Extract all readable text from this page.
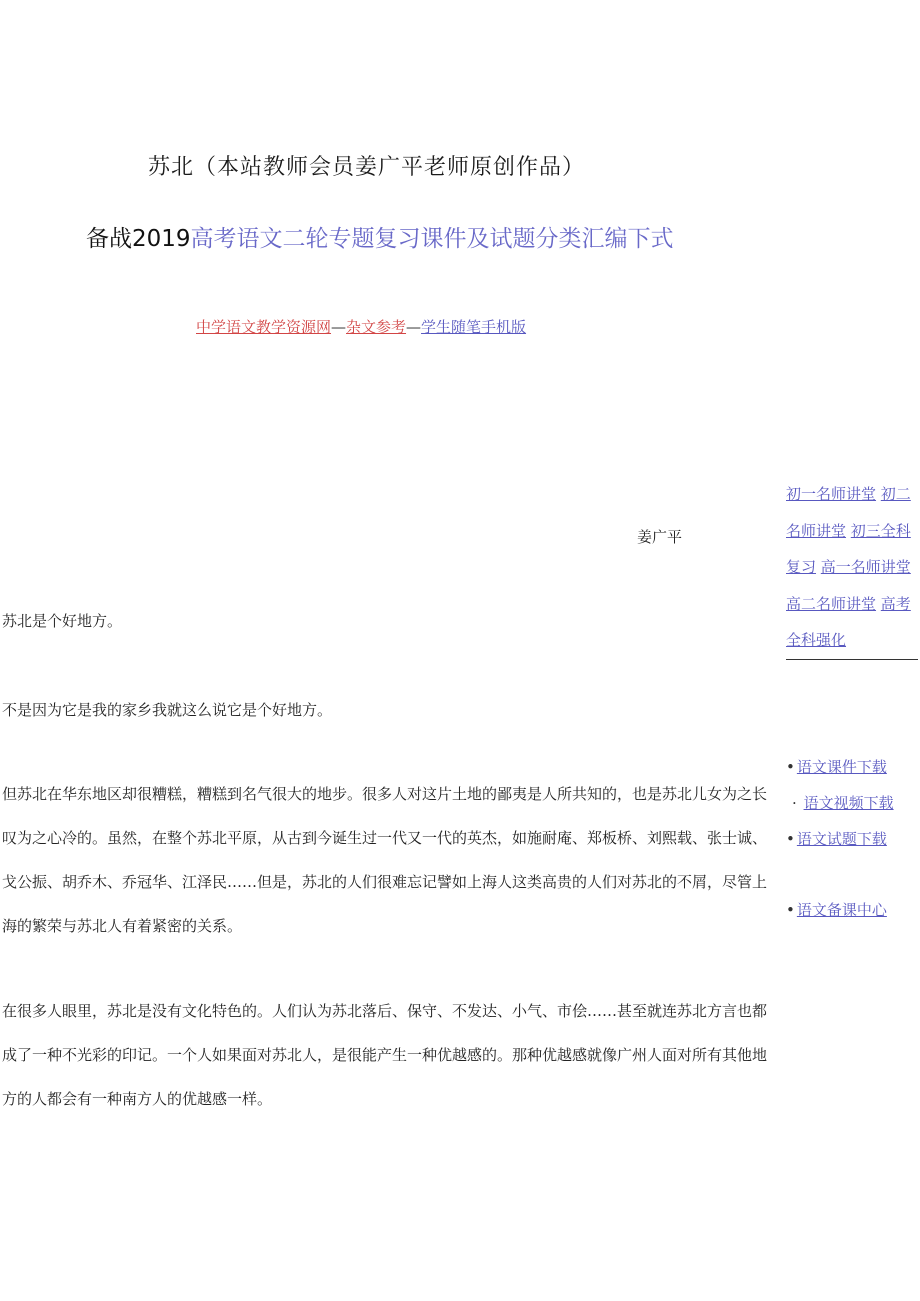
苏北（本站教师会员姜广平老师原创作品）
备战2019高考语文二轮专题复习课件及试题分类汇编下式
中学语文教学资源网—杂文参考—学生随笔手机版
姜广平
初一名师讲堂 初二名师讲堂 初三全科复习 高一名师讲堂 高二名师讲堂 高考全科强化
• 语文课件下载
· 语文视频下载
• 语文试题下载
• 语文备课中心
苏北是个好地方。
不是因为它是我的家乡我就这么说它是个好地方。
但苏北在华东地区却很糟糕，糟糕到名气很大的地步。很多人对这片土地的鄙夷是人所共知的，也是苏北儿女为之长叹为之心冷的。虽然，在整个苏北平原，从古到今诞生过一代又一代的英杰，如施耐庵、郑板桥、刘熙载、张士诚、戈公振、胡乔木、乔冠华、江泽民……但是，苏北的人们很难忘记譬如上海人这类高贵的人们对苏北的不屑，尽管上海的繁荣与苏北人有着紧密的关系。
在很多人眼里，苏北是没有文化特色的。人们认为苏北落后、保守、不发达、小气、市侩……甚至就连苏北方言也都成了一种不光彩的印记。一个人如果面对苏北人，是很能产生一种优越感的。那种优越感就像广州人面对所有其他地方的人都会有一种南方人的优越感一样。
